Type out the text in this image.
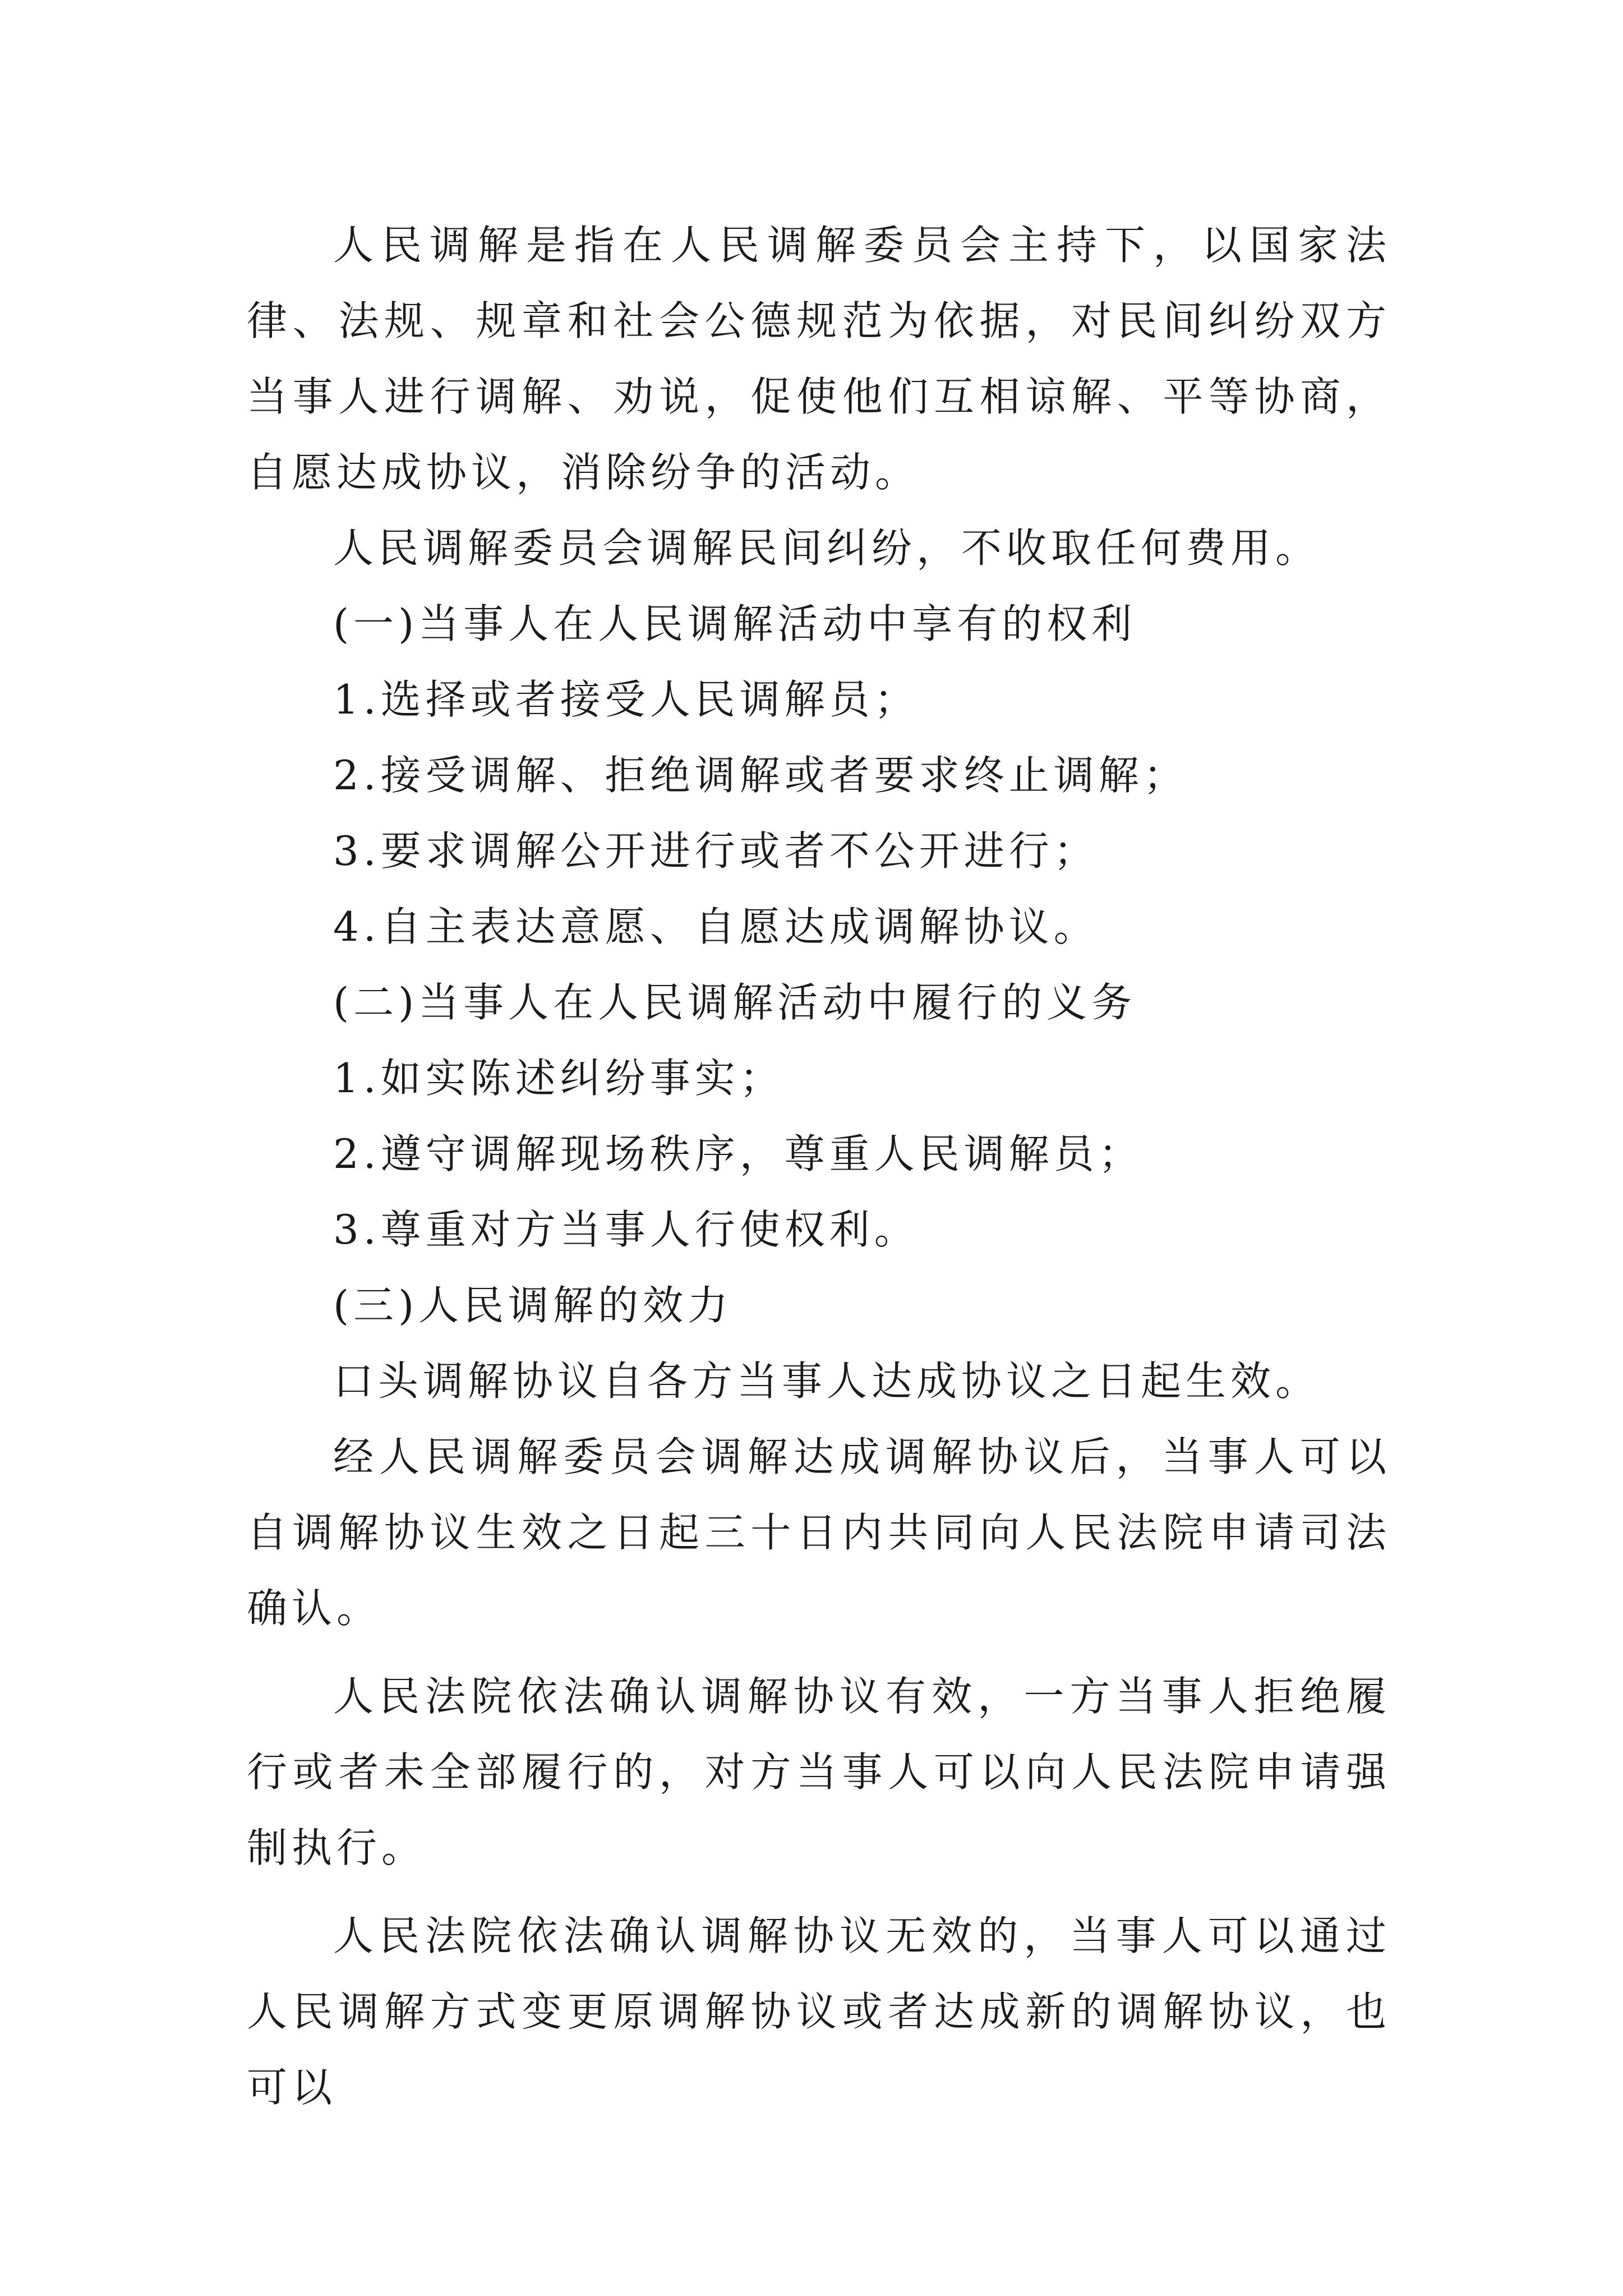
人民调解是指在人民调解委员会主持下，以国家法律、法规、规章和社会公德规范为依据，对民间纠纷双方当事人进行调解、劝说，促使他们互相谅解、平等协商，自愿达成协议，消除纷争的活动。

人民调解委员会调解民间纠纷，不收取任何费用。

(一)当事人在人民调解活动中享有的权利

1.选择或者接受人民调解员；

2.接受调解、拒绝调解或者要求终止调解；

3.要求调解公开进行或者不公开进行；

4.自主表达意愿、自愿达成调解协议。

(二)当事人在人民调解活动中履行的义务

1.如实陈述纠纷事实；

2.遵守调解现场秩序，尊重人民调解员；

3.尊重对方当事人行使权利。

(三)人民调解的效力

口头调解协议自各方当事人达成协议之日起生效。

经人民调解委员会调解达成调解协议后，当事人可以自调解协议生效之日起三十日内共同向人民法院申请司法确认。

人民法院依法确认调解协议有效，一方当事人拒绝履行或者未全部履行的，对方当事人可以向人民法院申请强制执行。

人民法院依法确认调解协议无效的，当事人可以通过人民调解方式变更原调解协议或者达成新的调解协议，也可以
